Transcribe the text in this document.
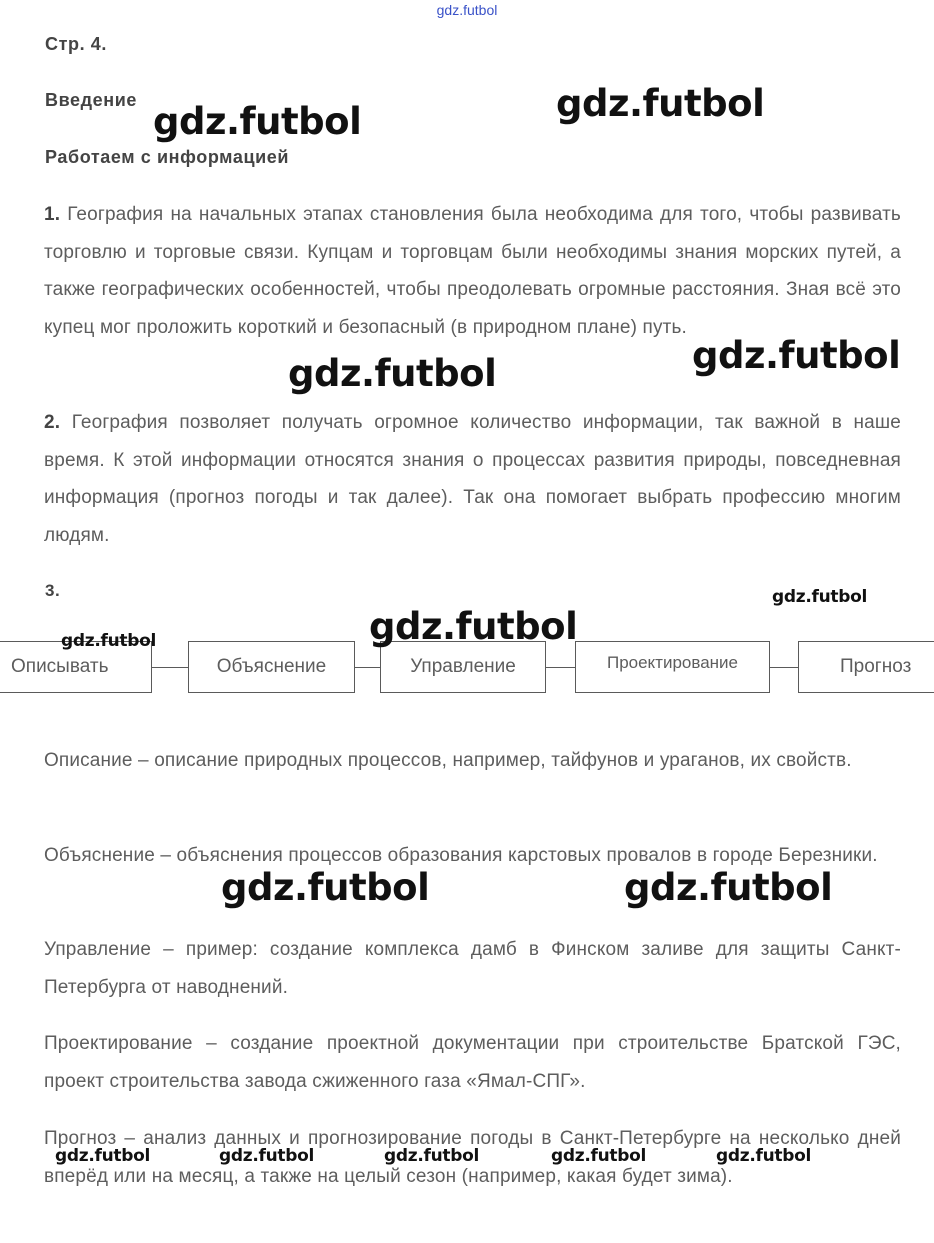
gdz.futbol
Стр. 4.
Введение
Работаем с информацией
1. География на начальных этапах становления была необходима для того, чтобы развивать торговлю и торговые связи. Купцам и торговцам были необходимы знания морских путей, а также географических особенностей, чтобы преодолевать огромные расстояния. Зная всё это купец мог проложить короткий и безопасный (в природном плане) путь.
2. География позволяет получать огромное количество информации, так важной в наше время. К этой информации относятся знания о процессах развития природы, повседневная информация (прогноз погоды и так далее). Так она помогает выбрать профессию многим людям.
3.
Описывать	Объяснение	Управление	Проектирование	Прогноз
Описание – описание природных процессов, например, тайфунов и ураганов, их свойств.
Объяснение – объяснения процессов образования карстовых провалов в городе Березники.
Управление – пример: создание комплекса дамб в Финском заливе для защиты Санкт-Петербурга от наводнений.
Проектирование – создание проектной документации при строительстве Братской ГЭС, проект строительства завода сжиженного газа «Ямал-СПГ».
Прогноз – анализ данных и прогнозирование погоды в Санкт-Петербурге на несколько дней вперёд или на месяц, а также на целый сезон (например, какая будет зима).
gdz.futbol	gdz.futbol
gdz.futbol	gdz.futbol
gdz.futbol
gdz.futbol
gdz.futbol
gdz.futbol	gdz.futbol
gdz.futbol	gdz.futbol	gdz.futbol	gdz.futbol	gdz.futbol
